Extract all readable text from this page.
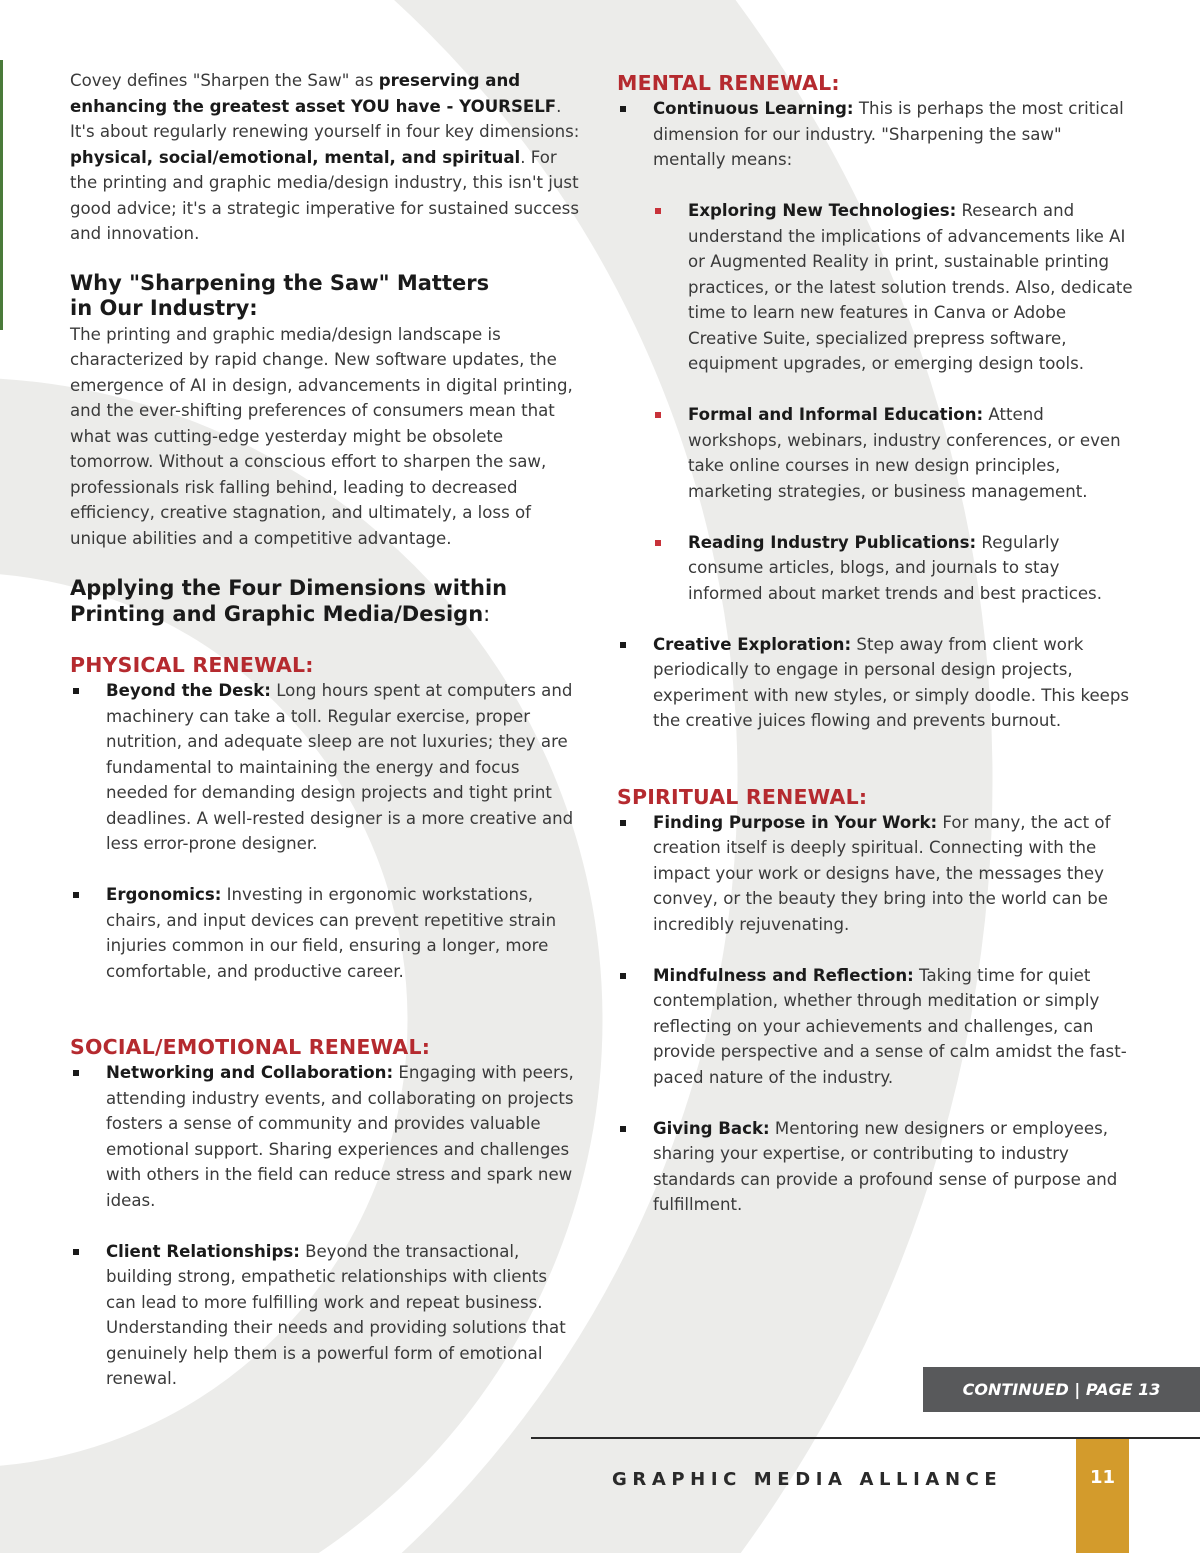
Covey defines "Sharpen the Saw" as preserving and enhancing the greatest asset YOU have - YOURSELF. It's about regularly renewing yourself in four key dimensions: physical, social/emotional, mental, and spiritual. For the printing and graphic media/design industry, this isn't just good advice; it's a strategic imperative for sustained success and innovation.

Why "Sharpening the Saw" Matters
in Our Industry:

The printing and graphic media/design landscape is characterized by rapid change. New software updates, the emergence of AI in design, advancements in digital printing, and the ever-shifting preferences of consumers mean that what was cutting-edge yesterday might be obsolete tomorrow. Without a conscious effort to sharpen the saw, professionals risk falling behind, leading to decreased efficiency, creative stagnation, and ultimately, a loss of unique abilities and a competitive advantage.

Applying the Four Dimensions within
Printing and Graphic Media/Design:
PHYSICAL RENEWAL:
Beyond the Desk: Long hours spent at computers and machinery can take a toll. Regular exercise, proper nutrition, and adequate sleep are not luxuries; they are fundamental to maintaining the energy and focus needed for demanding design projects and tight print deadlines. A well-rested designer is a more creative and less error-prone designer.
Ergonomics: Investing in ergonomic workstations, chairs, and input devices can prevent repetitive strain injuries common in our field, ensuring a longer, more comfortable, and productive career.
SOCIAL/EMOTIONAL RENEWAL:
Networking and Collaboration: Engaging with peers, attending industry events, and collaborating on projects fosters a sense of community and provides valuable emotional support. Sharing experiences and challenges with others in the field can reduce stress and spark new ideas.
Client Relationships: Beyond the transactional, building strong, empathetic relationships with clients can lead to more fulfilling work and repeat business. Understanding their needs and providing solutions that genuinely help them is a powerful form of emotional renewal.
MENTAL RENEWAL:
Continuous Learning: This is perhaps the most critical dimension for our industry. "Sharpening the saw" mentally means:
Exploring New Technologies: Research and understand the implications of advancements like AI or Augmented Reality in print, sustainable printing practices, or the latest solution trends. Also, dedicate time to learn new features in Canva or Adobe Creative Suite, specialized prepress software, equipment upgrades, or emerging design tools.
Formal and Informal Education: Attend workshops, webinars, industry conferences, or even take online courses in new design principles, marketing strategies, or business management.
Reading Industry Publications: Regularly consume articles, blogs, and journals to stay informed about market trends and best practices.
Creative Exploration: Step away from client work periodically to engage in personal design projects, experiment with new styles, or simply doodle. This keeps the creative juices flowing and prevents burnout.
SPIRITUAL RENEWAL:
Finding Purpose in Your Work: For many, the act of creation itself is deeply spiritual. Connecting with the impact your work or designs have, the messages they convey, or the beauty they bring into the world can be incredibly rejuvenating.
Mindfulness and Reflection: Taking time for quiet contemplation, whether through meditation or simply reflecting on your achievements and challenges, can provide perspective and a sense of calm amidst the fast-paced nature of the industry.
Giving Back: Mentoring new designers or employees, sharing your expertise, or contributing to industry standards can provide a profound sense of purpose and fulfillment.
CONTINUED | PAGE 13
GRAPHIC MEDIA ALLIANCE	11
